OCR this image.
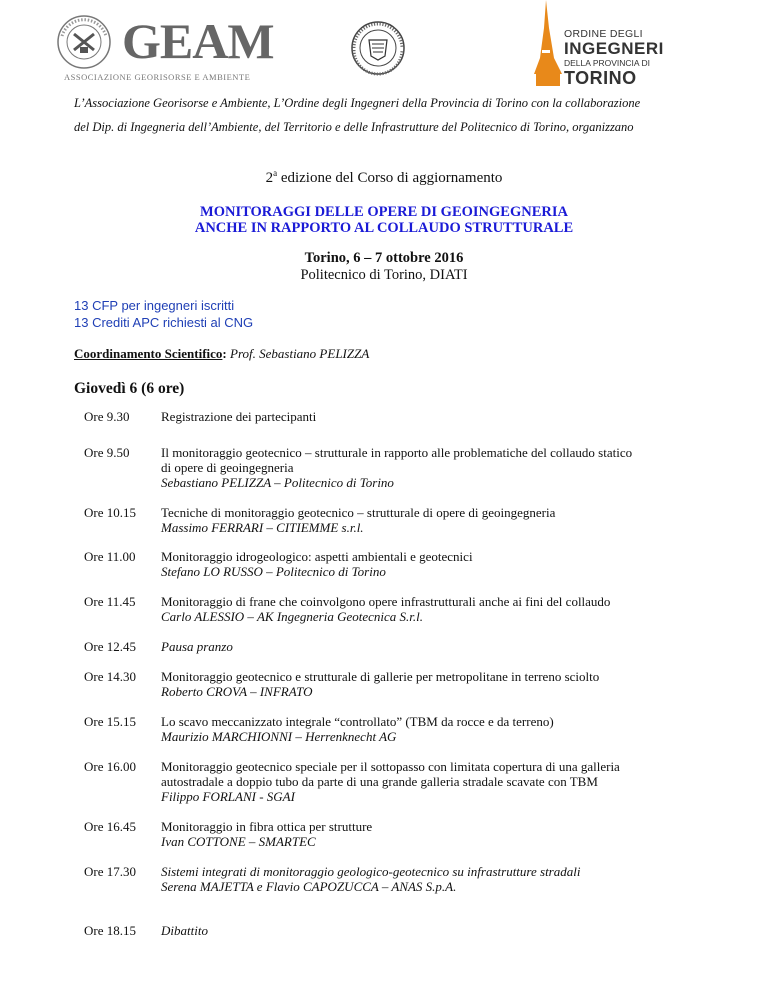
GEAM
ASSOCIAZIONE GEORISORSE E AMBIENTE
ORDINE DEGLI
INGEGNERI
DELLA PROVINCIA DI
TORINO
L’Associazione Georisorse e Ambiente, L’Ordine degli Ingegneri della Provincia di Torino con la collaborazione
del Dip. di Ingegneria dell’Ambiente, del Territorio e delle Infrastrutture del Politecnico di Torino, organizzano
2$^a$ edizione del Corso di aggiornamento
MONITORAGGI DELLE OPERE DI GEOINGEGNERIA
ANCHE IN RAPPORTO AL COLLAUDO STRUTTURALE
Torino, 6 – 7 ottobre 2016
Politecnico di Torino, DIATI
13 CFP per ingegneri iscritti
13 Crediti APC richiesti al CNG
Coordinamento Scientifico: Prof. Sebastiano PELIZZA
Giovedì 6 (6 ore)
Ore 9.30	Registrazione dei partecipanti
Ore 9.50	Il monitoraggio geotecnico – strutturale in rapporto alle problematiche del collaudo statico
di opere di geoingegneria
Sebastiano PELIZZA – Politecnico di Torino
Ore 10.15	Tecniche di monitoraggio geotecnico – strutturale di opere di geoingegneria
Massimo FERRARI – CITIEMME s.r.l.
Ore 11.00	Monitoraggio idrogeologico: aspetti ambientali e geotecnici
Stefano LO RUSSO – Politecnico di Torino
Ore 11.45	Monitoraggio di frane che coinvolgono opere infrastrutturali anche ai fini del collaudo
Carlo ALESSIO – AK Ingegneria Geotecnica S.r.l.
Ore 12.45	Pausa pranzo
Ore 14.30	Monitoraggio geotecnico e strutturale di gallerie per metropolitane in terreno sciolto
Roberto CROVA – INFRATO
Ore 15.15	Lo scavo meccanizzato integrale “controllato” (TBM da rocce e da terreno)
Maurizio MARCHIONNI – Herrenknecht AG
Ore 16.00	Monitoraggio geotecnico speciale per il sottopasso con limitata copertura di una galleria
autostradale a doppio tubo da parte di una grande galleria stradale scavate con TBM
Filippo FORLANI - SGAI
Ore 16.45	Monitoraggio in fibra ottica per strutture
Ivan COTTONE – SMARTEC
Ore 17.30	Sistemi integrati di monitoraggio geologico-geotecnico su infrastrutture stradali
Serena MAJETTA e Flavio CAPOZUCCA – ANAS S.p.A.
Ore 18.15	Dibattito
